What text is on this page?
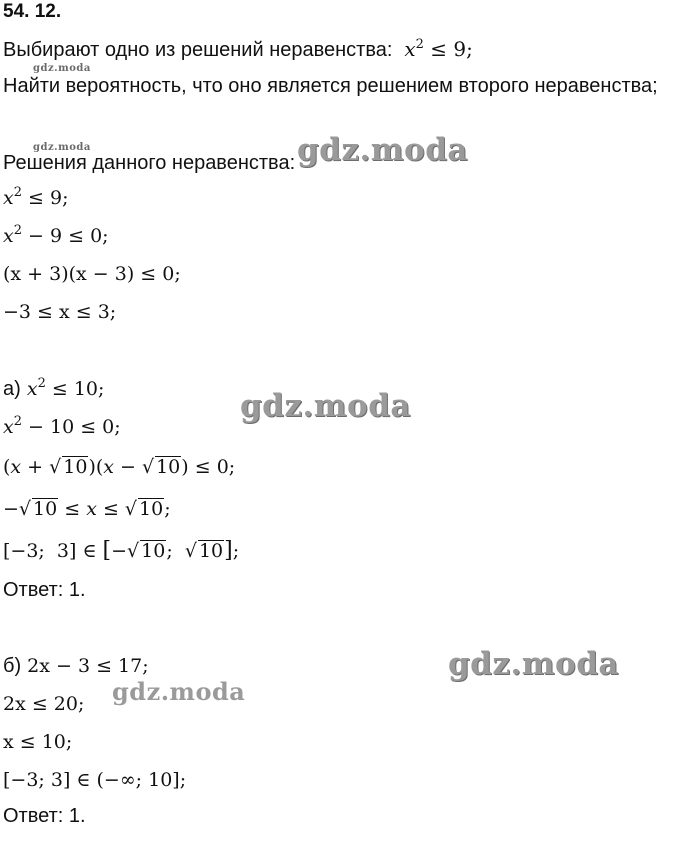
54. 12.
Выбирают одно из решений неравенства: $x^2 \le 9$;
gdz.moda
Найти вероятность, что оно является решением второго неравенства;
gdz.moda
Решения данного неравенства: gdz.moda
$x^2 \le 9$;
$x^2 - 9 \le 0$;
(x + 3)(x − 3) ≤ 0;
−3 ≤ x ≤ 3;
а) $x^2 \le 10$;	gdz.moda
$x^2 - 10 \le 0$;
(x + √ 10)(x − √ 10) ≤ 0;
−√ 10 ≤ x ≤ √ 10;
[−3;  3] ∈ [−√ 10;  √ 10];
Ответ: 1.
б) 2x − 3 ≤ 17;	gdz.moda
gdz.moda
2x ≤ 20;
x ≤ 10;
[−3; 3] ∈ (−∞; 10];
Ответ: 1.
